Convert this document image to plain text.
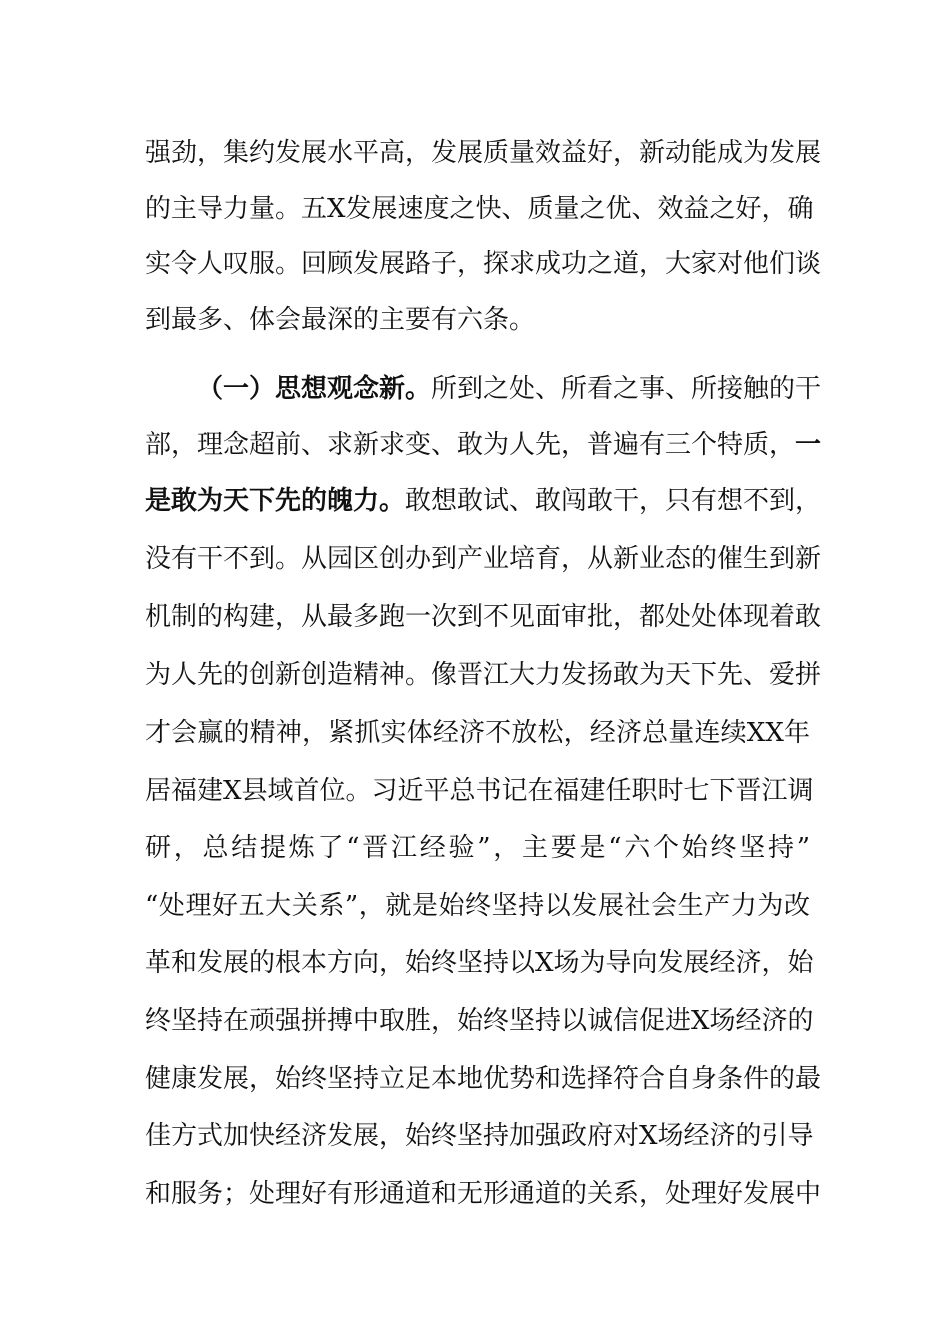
强劲，集约发展水平高，发展质量效益好，新动能成为发展
的主导力量。五X发展速度之快、质量之优、效益之好，确
实令人叹服。回顾发展路子，探求成功之道，大家对他们谈
到最多、体会最深的主要有六条。
（一）思想观念新。所到之处、所看之事、所接触的干
部，理念超前、求新求变、敢为人先，普遍有三个特质，一
是敢为天下先的魄力。敢想敢试、敢闯敢干，只有想不到，
没有干不到。从园区创办到产业培育，从新业态的催生到新
机制的构建，从最多跑一次到不见面审批，都处处体现着敢
为人先的创新创造精神。像晋江大力发扬敢为天下先、爱拼
才会赢的精神，紧抓实体经济不放松，经济总量连续XX年
居福建X县域首位。习近平总书记在福建任职时七下晋江调
研，总结提炼了“晋江经验”，主要是“六个始终坚持”
“处理好五大关系”，就是始终坚持以发展社会生产力为改
革和发展的根本方向，始终坚持以X场为导向发展经济，始
终坚持在顽强拼搏中取胜，始终坚持以诚信促进X场经济的
健康发展，始终坚持立足本地优势和选择符合自身条件的最
佳方式加快经济发展，始终坚持加强政府对X场经济的引导
和服务；处理好有形通道和无形通道的关系，处理好发展中
